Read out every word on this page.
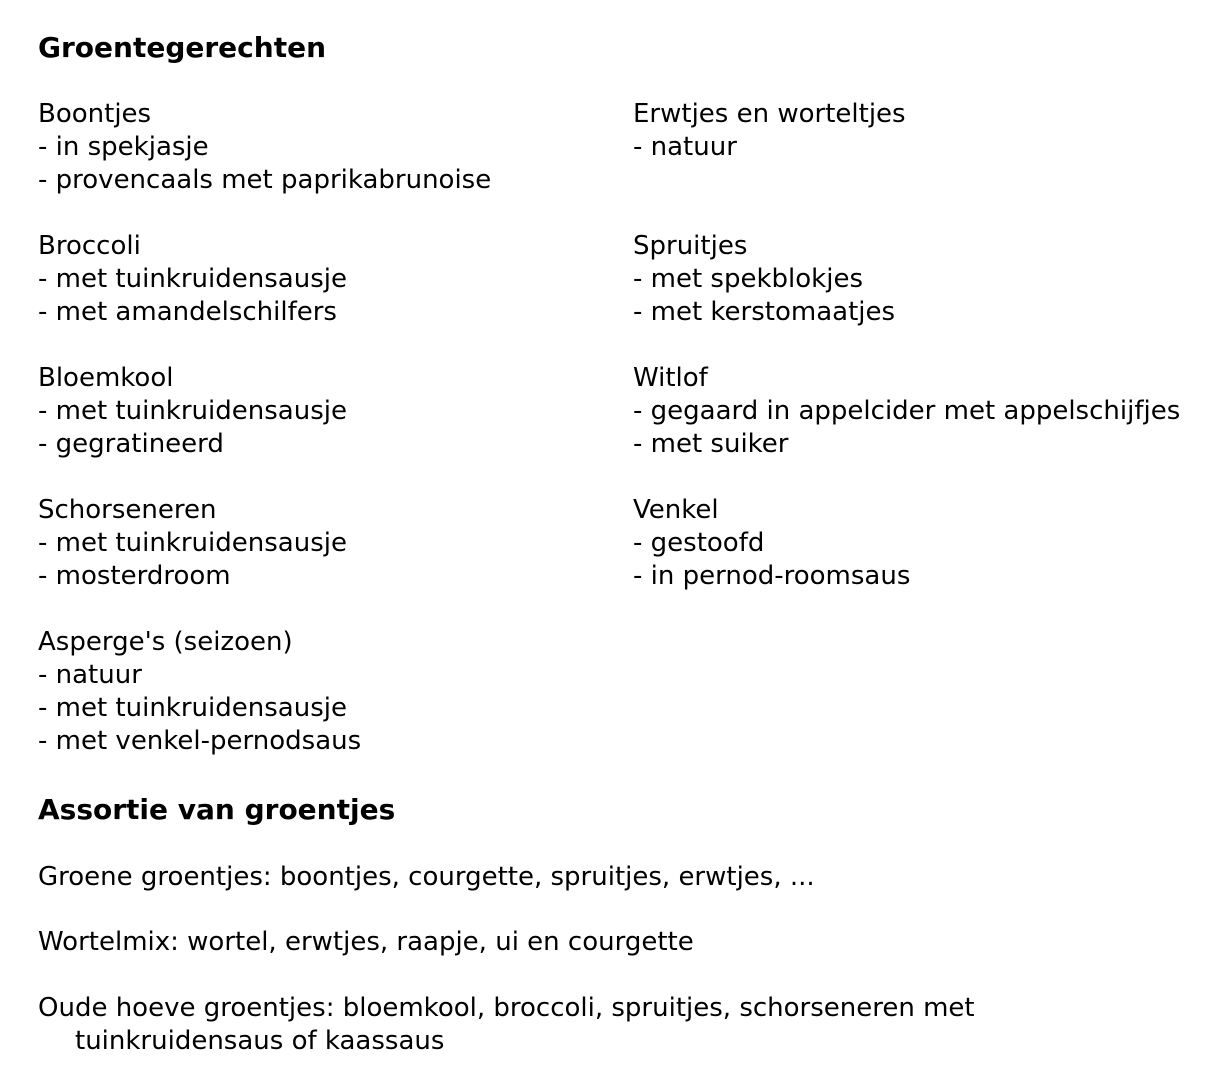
Groentegerechten
Boontjes
- in spekjasje
- provencaals met paprikabrunoise
Erwtjes en worteltjes
- natuur
Broccoli
- met tuinkruidensausje
- met amandelschilfers
Spruitjes
- met spekblokjes
- met kerstomaatjes
Bloemkool
- met tuinkruidensausje
- gegratineerd
Witlof
- gegaard in appelcider met appelschijfjes
- met suiker
Schorseneren
- met tuinkruidensausje
- mosterdroom
Venkel
- gestoofd
- in pernod-roomsaus
Asperge's (seizoen)
- natuur
- met tuinkruidensausje
- met venkel-pernodsaus
Assortie van groentjes
Groene groentjes: boontjes, courgette, spruitjes, erwtjes, ...
Wortelmix: wortel, erwtjes, raapje, ui en courgette
Oude hoeve groentjes: bloemkool, broccoli, spruitjes, schorseneren met
tuinkruidensaus of kaassaus
